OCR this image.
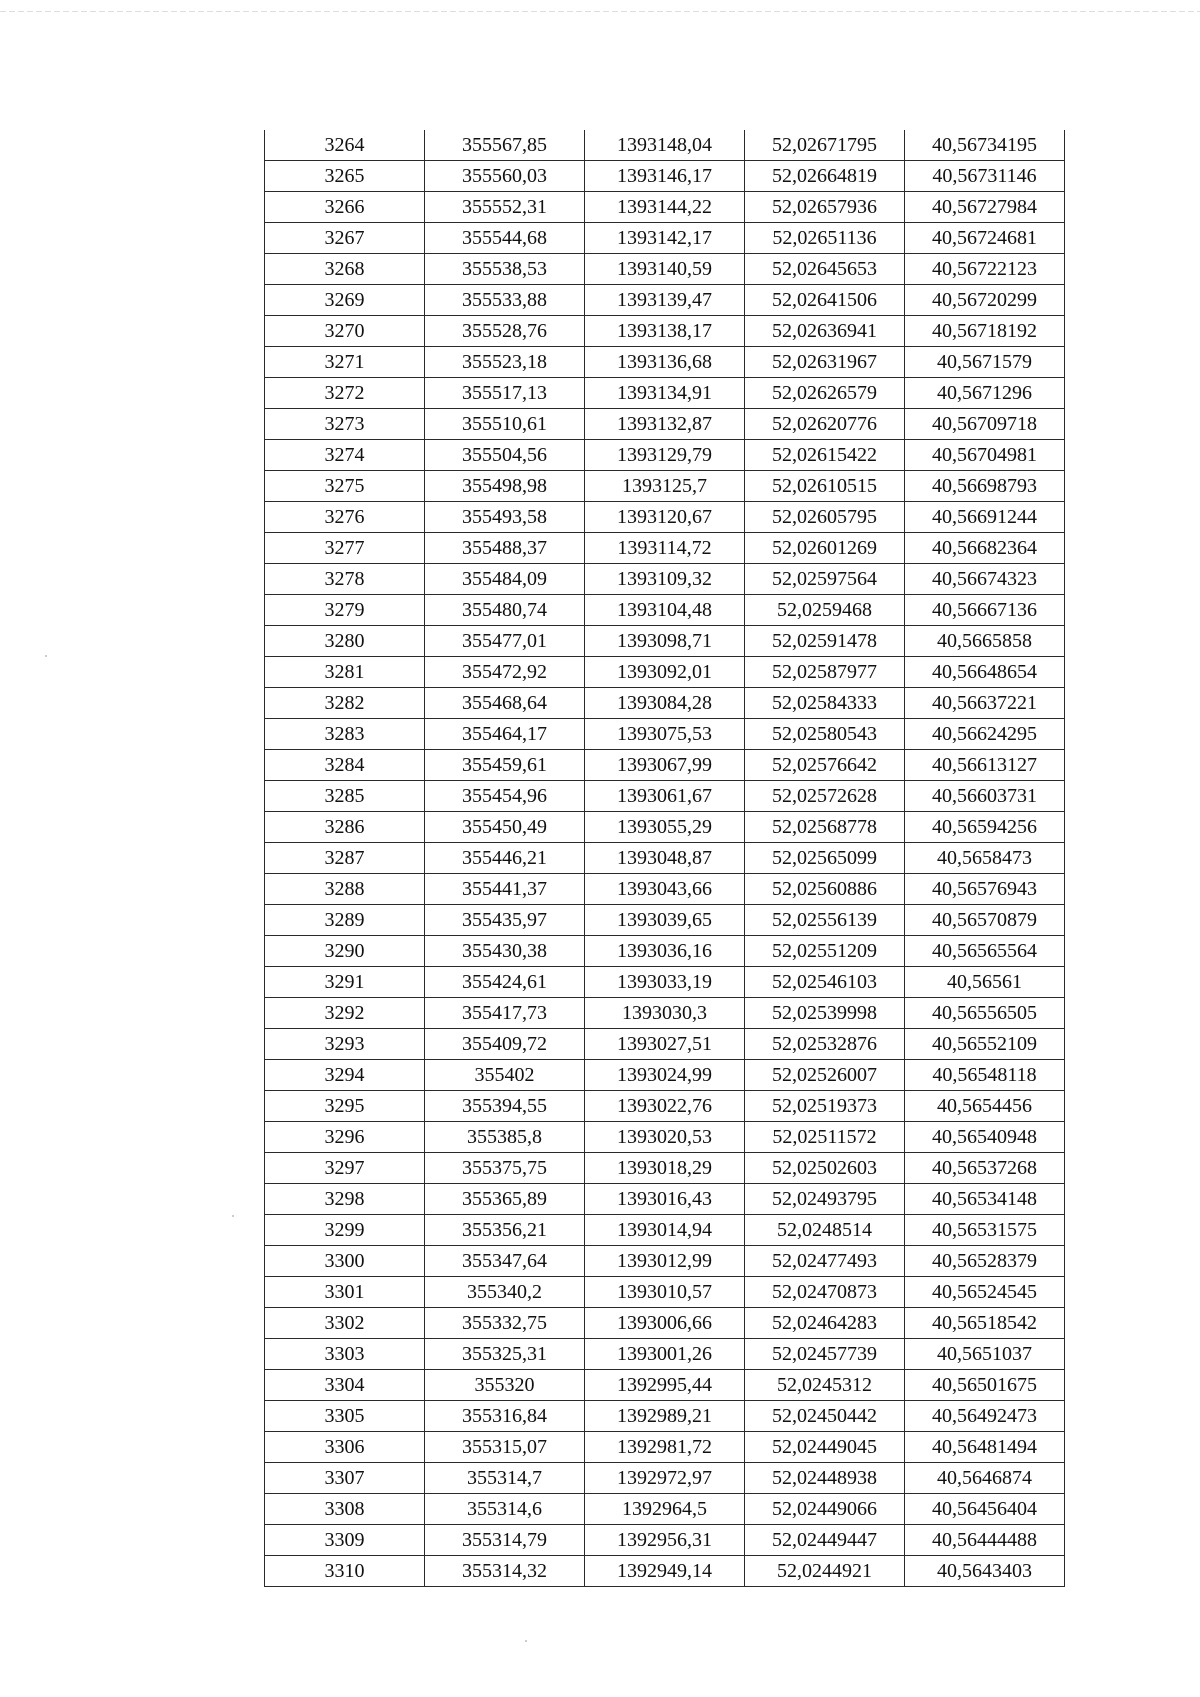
3264	355567,85	1393148,04	52,02671795	40,56734195
3265	355560,03	1393146,17	52,02664819	40,56731146
3266	355552,31	1393144,22	52,02657936	40,56727984
3267	355544,68	1393142,17	52,02651136	40,56724681
3268	355538,53	1393140,59	52,02645653	40,56722123
3269	355533,88	1393139,47	52,02641506	40,56720299
3270	355528,76	1393138,17	52,02636941	40,56718192
3271	355523,18	1393136,68	52,02631967	40,5671579
3272	355517,13	1393134,91	52,02626579	40,5671296
3273	355510,61	1393132,87	52,02620776	40,56709718
3274	355504,56	1393129,79	52,02615422	40,56704981
3275	355498,98	1393125,7	52,02610515	40,56698793
3276	355493,58	1393120,67	52,02605795	40,56691244
3277	355488,37	1393114,72	52,02601269	40,56682364
3278	355484,09	1393109,32	52,02597564	40,56674323
3279	355480,74	1393104,48	52,0259468	40,56667136
3280	355477,01	1393098,71	52,02591478	40,5665858
3281	355472,92	1393092,01	52,02587977	40,56648654
3282	355468,64	1393084,28	52,02584333	40,56637221
3283	355464,17	1393075,53	52,02580543	40,56624295
3284	355459,61	1393067,99	52,02576642	40,56613127
3285	355454,96	1393061,67	52,02572628	40,56603731
3286	355450,49	1393055,29	52,02568778	40,56594256
3287	355446,21	1393048,87	52,02565099	40,5658473
3288	355441,37	1393043,66	52,02560886	40,56576943
3289	355435,97	1393039,65	52,02556139	40,56570879
3290	355430,38	1393036,16	52,02551209	40,56565564
3291	355424,61	1393033,19	52,02546103	40,56561
3292	355417,73	1393030,3	52,02539998	40,56556505
3293	355409,72	1393027,51	52,02532876	40,56552109
3294	355402	1393024,99	52,02526007	40,56548118
3295	355394,55	1393022,76	52,02519373	40,5654456
3296	355385,8	1393020,53	52,02511572	40,56540948
3297	355375,75	1393018,29	52,02502603	40,56537268
3298	355365,89	1393016,43	52,02493795	40,56534148
3299	355356,21	1393014,94	52,0248514	40,56531575
3300	355347,64	1393012,99	52,02477493	40,56528379
3301	355340,2	1393010,57	52,02470873	40,56524545
3302	355332,75	1393006,66	52,02464283	40,56518542
3303	355325,31	1393001,26	52,02457739	40,5651037
3304	355320	1392995,44	52,0245312	40,56501675
3305	355316,84	1392989,21	52,02450442	40,56492473
3306	355315,07	1392981,72	52,02449045	40,56481494
3307	355314,7	1392972,97	52,02448938	40,5646874
3308	355314,6	1392964,5	52,02449066	40,56456404
3309	355314,79	1392956,31	52,02449447	40,56444488
3310	355314,32	1392949,14	52,0244921	40,5643403
